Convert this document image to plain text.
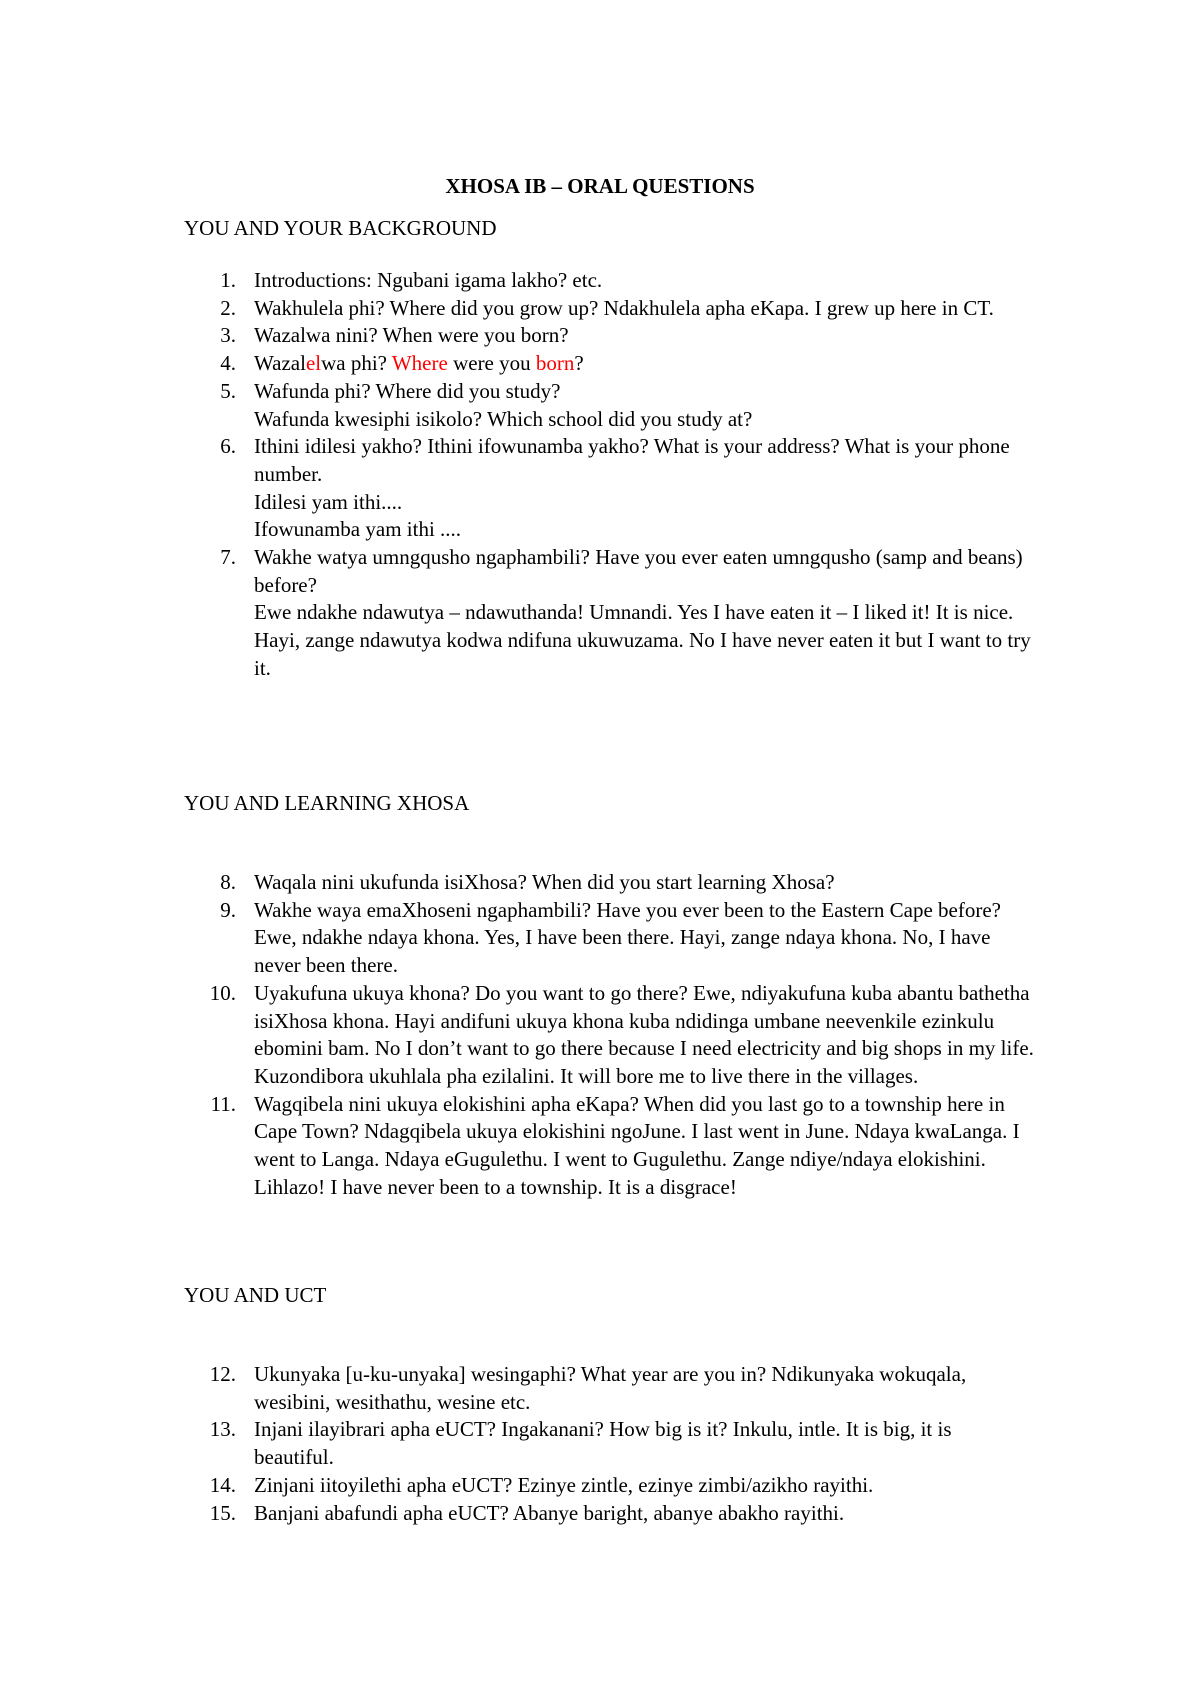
XHOSA IB – ORAL QUESTIONS
YOU AND YOUR BACKGROUND
1. Introductions: Ngubani igama lakho? etc.
2. Wakhulela phi? Where did you grow up? Ndakhulela apha eKapa. I grew up here in CT.
3. Wazalwa nini? When were you born?
4. Wazalelwa phi? Where were you born?
5. Wafunda phi? Where did you study?
Wafunda kwesiphi isikolo? Which school did you study at?
6. Ithini idilesi yakho? Ithini ifowunamba yakho? What is your address? What is your phone number.
Idilesi yam ithi....
Ifowunamba yam ithi ....
7. Wakhe watya umngqusho ngaphambili? Have you ever eaten umngqusho (samp and beans) before?
Ewe ndakhe ndawutya – ndawuthanda! Umnandi. Yes I have eaten it – I liked it! It is nice.
Hayi, zange ndawutya kodwa ndifuna ukuwuzama. No I have never eaten it but I want to try it.
YOU AND LEARNING XHOSA
8. Waqala nini ukufunda isiXhosa? When did you start learning Xhosa?
9. Wakhe waya emaXhoseni ngaphambili? Have you ever been to the Eastern Cape before? Ewe, ndakhe ndaya khona. Yes, I have been there. Hayi, zange ndaya khona. No, I have never been there.
10. Uyakufuna ukuya khona? Do you want to go there? Ewe, ndiyakufuna kuba abantu bathetha isiXhosa khona. Hayi andifuni ukuya khona kuba ndidinga umbane neevenkile ezinkulu ebomini bam. No I don’t want to go there because I need electricity and big shops in my life. Kuzondibora ukuhlala pha ezilalini. It will bore me to live there in the villages.
11. Wagqibela nini ukuya elokishini apha eKapa? When did you last go to a township here in Cape Town? Ndagqibela ukuya elokishini ngoJune. I last went in June. Ndaya kwaLanga. I went to Langa. Ndaya eGugulethu. I went to Gugulethu. Zange ndiye/ndaya elokishini. Lihlazo! I have never been to a township. It is a disgrace!
YOU AND UCT
12. Ukunyaka [u-ku-unyaka] wesingaphi? What year are you in? Ndikunyaka wokuqala, wesibini, wesithathu, wesine etc.
13. Injani ilayibrari apha eUCT? Ingakanani? How big is it? Inkulu, intle. It is big, it is beautiful.
14. Zinjani iitoyilethi apha eUCT? Ezinye zintle, ezinye zimbi/azikho rayithi.
15. Banjani abafundi apha eUCT? Abanye baright, abanye abakho rayithi.
